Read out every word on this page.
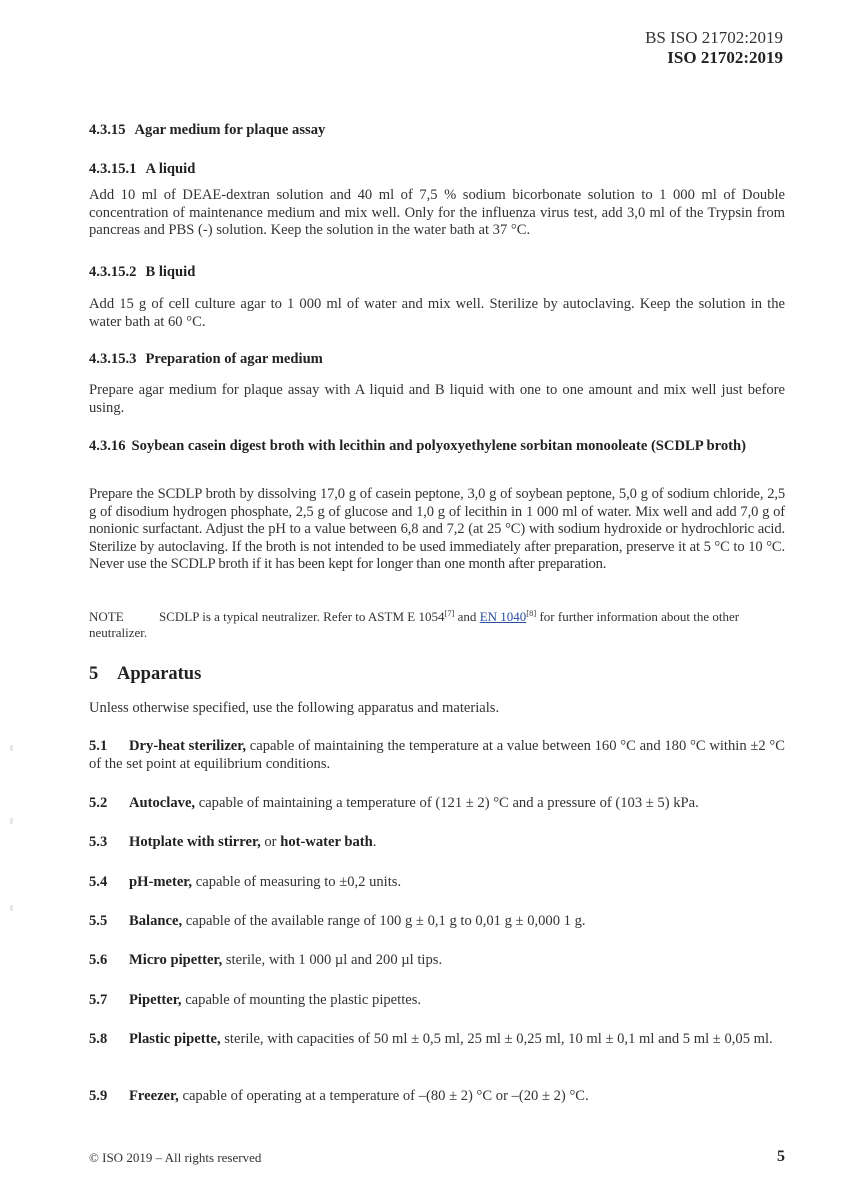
BS ISO 21702:2019
ISO 21702:2019
4.3.15 Agar medium for plaque assay
4.3.15.1 A liquid
Add 10 ml of DEAE-dextran solution and 40 ml of 7,5 % sodium bicorbonate solution to 1 000 ml of Double concentration of maintenance medium and mix well. Only for the influenza virus test, add 3,0 ml of the Trypsin from pancreas and PBS (-) solution. Keep the solution in the water bath at 37 °C.
4.3.15.2 B liquid
Add 15 g of cell culture agar to 1 000 ml of water and mix well. Sterilize by autoclaving. Keep the solution in the water bath at 60 °C.
4.3.15.3 Preparation of agar medium
Prepare agar medium for plaque assay with A liquid and B liquid with one to one amount and mix well just before using.
4.3.16 Soybean casein digest broth with lecithin and polyoxyethylene sorbitan monooleate (SCDLP broth)
Prepare the SCDLP broth by dissolving 17,0 g of casein peptone, 3,0 g of soybean peptone, 5,0 g of sodium chloride, 2,5 g of disodium hydrogen phosphate, 2,5 g of glucose and 1,0 g of lecithin in 1 000 ml of water. Mix well and add 7,0 g of nonionic surfactant. Adjust the pH to a value between 6,8 and 7,2 (at 25 °C) with sodium hydroxide or hydrochloric acid. Sterilize by autoclaving. If the broth is not intended to be used immediately after preparation, preserve it at 5 °C to 10 °C. Never use the SCDLP broth if it has been kept for longer than one month after preparation.
NOTE	SCDLP is a typical neutralizer. Refer to ASTM E 1054[7] and EN 1040[8] for further information about the other neutralizer.
5 Apparatus
Unless otherwise specified, use the following apparatus and materials.
5.1 Dry-heat sterilizer, capable of maintaining the temperature at a value between 160 °C and 180 °C within ±2 °C of the set point at equilibrium conditions.
5.2 Autoclave, capable of maintaining a temperature of (121 ± 2) °C and a pressure of (103 ± 5) kPa.
5.3 Hotplate with stirrer, or hot-water bath.
5.4 pH-meter, capable of measuring to ±0,2 units.
5.5 Balance, capable of the available range of 100 g ± 0,1 g to 0,01 g ± 0,000 1 g.
5.6 Micro pipetter, sterile, with 1 000 µl and 200 µl tips.
5.7 Pipetter, capable of mounting the plastic pipettes.
5.8 Plastic pipette, sterile, with capacities of 50 ml ± 0,5 ml, 25 ml ± 0,25 ml, 10 ml ± 0,1 ml and 5 ml ± 0,05 ml.
5.9 Freezer, capable of operating at a temperature of –(80 ± 2) °C or –(20 ± 2) °C.
© ISO 2019 – All rights reserved	5
